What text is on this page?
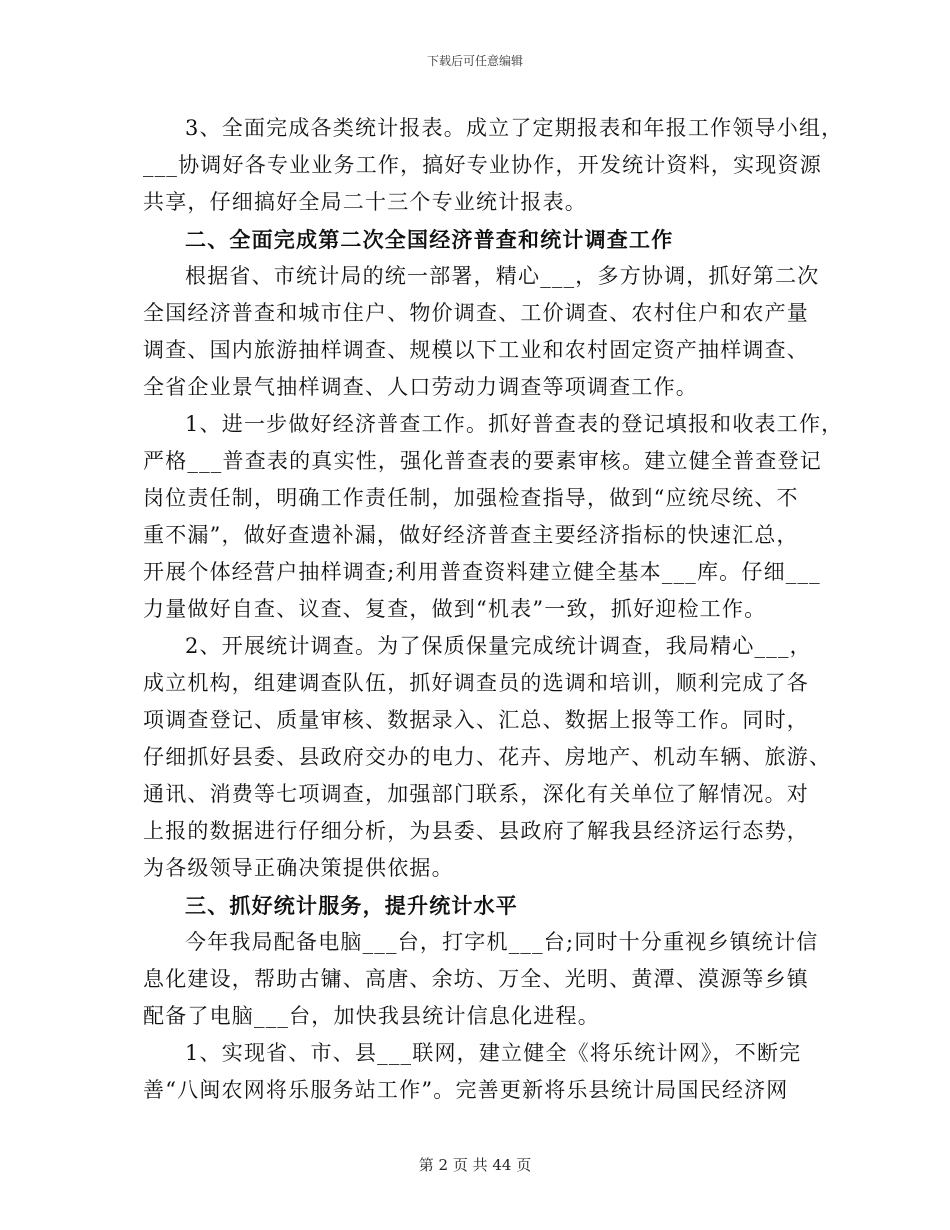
下载后可任意编辑
3、全面完成各类统计报表。成立了定期报表和年报工作领导小组，
___协调好各专业业务工作，搞好专业协作，开发统计资料，实现资源
共享，仔细搞好全局二十三个专业统计报表。
二、全面完成第二次全国经济普查和统计调查工作
根据省、市统计局的统一部署，精心___，多方协调，抓好第二次
全国经济普查和城市住户、物价调查、工价调查、农村住户和农产量
调查、国内旅游抽样调查、规模以下工业和农村固定资产抽样调查、
全省企业景气抽样调查、人口劳动力调查等项调查工作。
1、进一步做好经济普查工作。抓好普查表的登记填报和收表工作，
严格___普查表的真实性，强化普查表的要素审核。建立健全普查登记
岗位责任制，明确工作责任制，加强检查指导，做到“应统尽统、不
重不漏”，做好查遗补漏，做好经济普查主要经济指标的快速汇总，
开展个体经营户抽样调查;利用普查资料建立健全基本___库。仔细___
力量做好自查、议查、复查，做到“机表”一致，抓好迎检工作。
2、开展统计调查。为了保质保量完成统计调查，我局精心___，
成立机构，组建调查队伍，抓好调查员的选调和培训，顺利完成了各
项调查登记、质量审核、数据录入、汇总、数据上报等工作。同时，
仔细抓好县委、县政府交办的电力、花卉、房地产、机动车辆、旅游、
通讯、消费等七项调查，加强部门联系，深化有关单位了解情况。对
上报的数据进行仔细分析，为县委、县政府了解我县经济运行态势，
为各级领导正确决策提供依据。
三、抓好统计服务，提升统计水平
今年我局配备电脑___台，打字机___台;同时十分重视乡镇统计信
息化建设，帮助古镛、高唐、余坊、万全、光明、黄潭、漠源等乡镇
配备了电脑___台，加快我县统计信息化进程。
1、实现省、市、县___联网，建立健全《将乐统计网》，不断完
善“八闽农网将乐服务站工作”。完善更新将乐县统计局国民经济网
第 2 页 共 44 页
